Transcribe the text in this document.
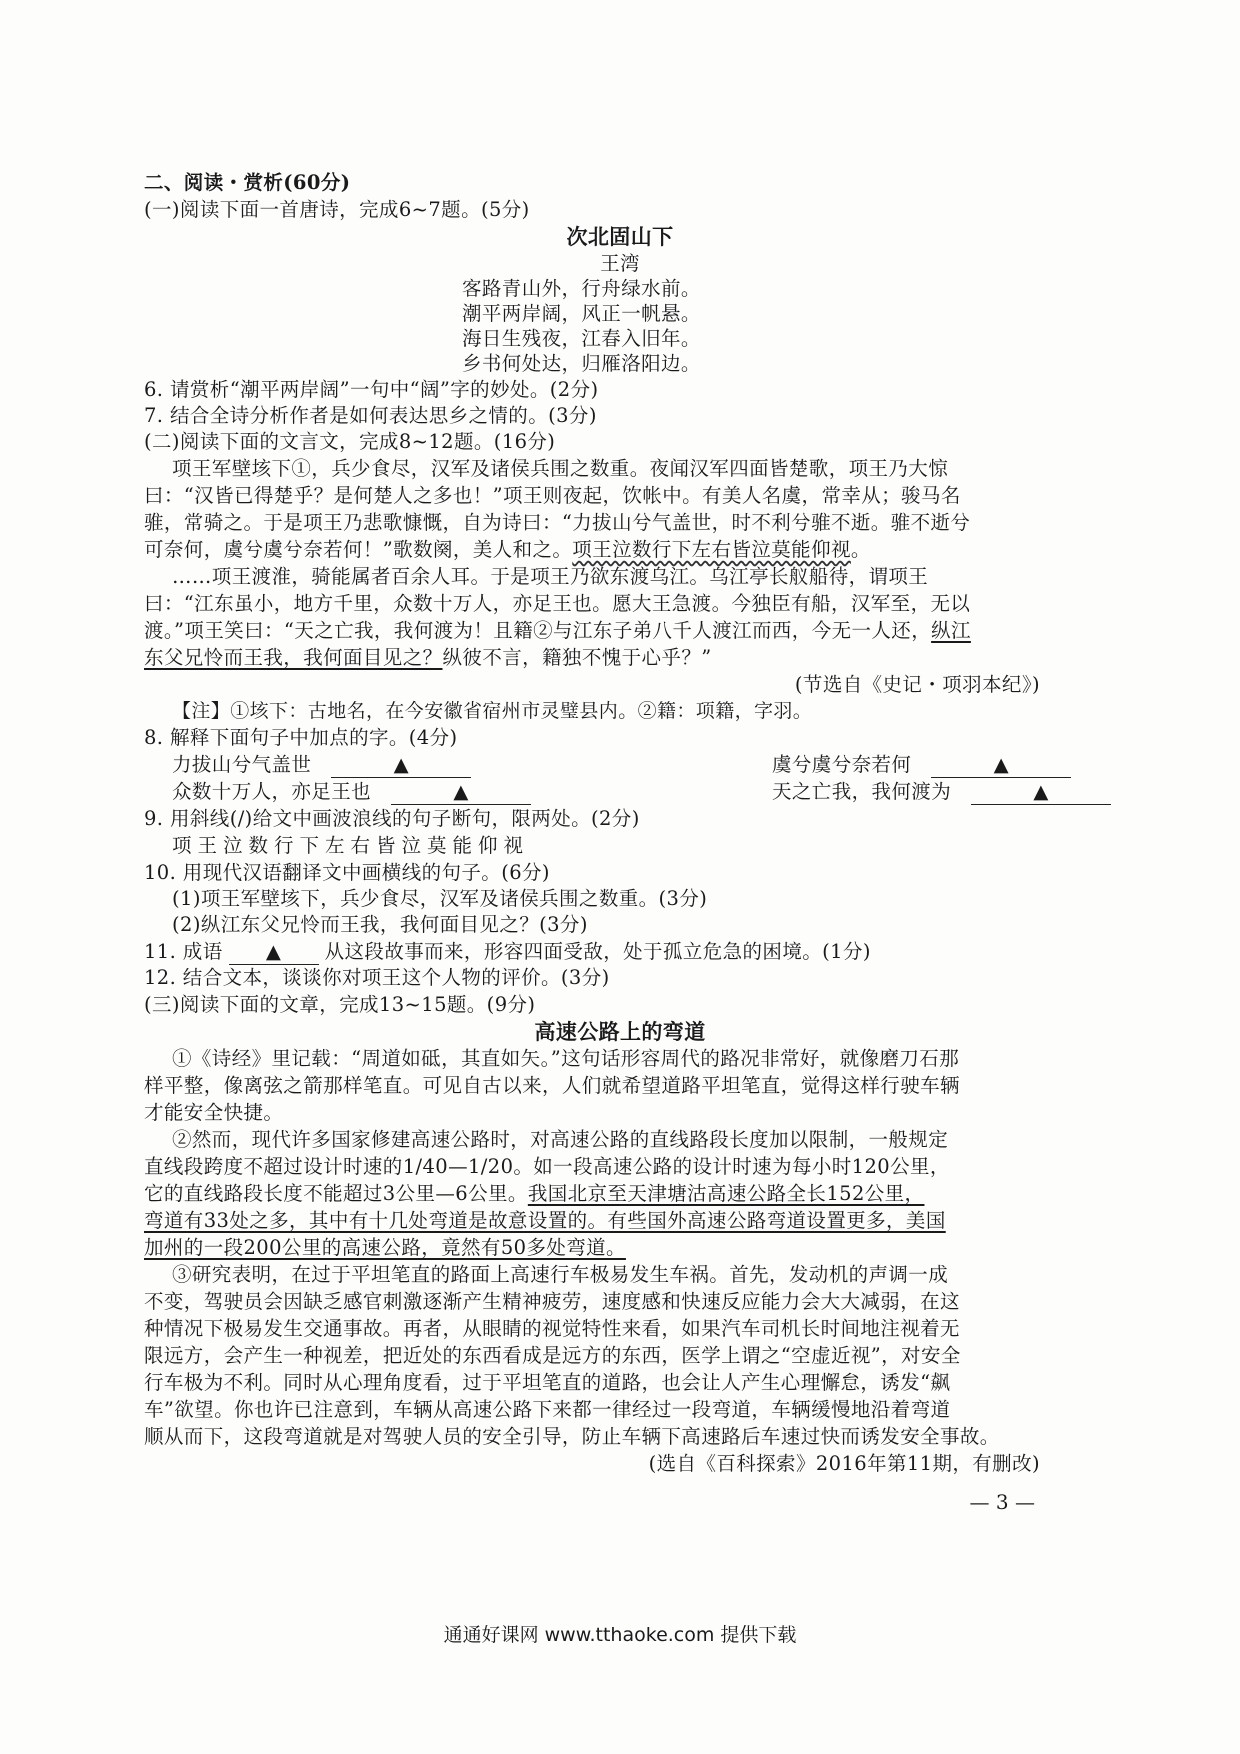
二、阅读・赏析(60分)
(一)阅读下面一首唐诗，完成6~7题。(5分)
次北固山下
王湾
客路青山外，行舟绿水前。
潮平两岸阔，风正一帆悬。
海日生残夜，江春入旧年。
乡书何处达，归雁洛阳边。
6. 请赏析“潮平两岸阔”一句中“阔”字的妙处。(2分)
7. 结合全诗分析作者是如何表达思乡之情的。(3分)
(二)阅读下面的文言文，完成8~12题。(16分)
项王军壁垓下①，兵少食尽，汉军及诸侯兵围之数重。夜闻汉军四面皆楚歌，项王乃大惊
曰：“汉皆已得楚乎？是何楚人之多也！”项王则夜起，饮帐中。有美人名虞，常幸从；骏马名
骓，常骑之。于是项王乃悲歌慷慨，自为诗曰：“力拔山兮气盖世，时不利兮骓不逝。骓不逝兮
可奈何，虞兮虞兮奈若何！”歌数阕，美人和之。项王泣数行下左右皆泣莫能仰视。
……项王渡淮，骑能属者百余人耳。于是项王乃欲东渡乌江。乌江亭长舣船待，谓项王
曰：“江东虽小，地方千里，众数十万人，亦足王也。愿大王急渡。今独臣有船，汉军至，无以
渡。”项王笑曰：“天之亡我，我何渡为！且籍②与江东子弟八千人渡江而西，今无一人还，纵江
东父兄怜而王我，我何面目见之？纵彼不言，籍独不愧于心乎？”
(节选自《史记・项羽本纪》)
【注】①垓下：古地名，在今安徽省宿州市灵璧县内。②籍：项籍，字羽。
8. 解释下面句子中加点的字。(4分)
力拔山兮气盖世	▲	虞兮虞兮奈若何	▲
众数十万人，亦足王也	▲	天之亡我，我何渡为	▲
9. 用斜线(/)给文中画波浪线的句子断句，限两处。(2分)
项王泣数行下左右皆泣莫能仰视
10. 用现代汉语翻译文中画横线的句子。(6分)
(1)项王军壁垓下，兵少食尽，汉军及诸侯兵围之数重。(3分)
(2)纵江东父兄怜而王我，我何面目见之？(3分)
11. 成语 ▲ 从这段故事而来，形容四面受敌，处于孤立危急的困境。(1分)
12. 结合文本，谈谈你对项王这个人物的评价。(3分)
(三)阅读下面的文章，完成13~15题。(9分)
高速公路上的弯道
①《诗经》里记载：“周道如砥，其直如矢。”这句话形容周代的路况非常好，就像磨刀石那
样平整，像离弦之箭那样笔直。可见自古以来，人们就希望道路平坦笔直，觉得这样行驶车辆
才能安全快捷。
②然而，现代许多国家修建高速公路时，对高速公路的直线路段长度加以限制，一般规定
直线段跨度不超过设计时速的1/40—1/20。如一段高速公路的设计时速为每小时120公里，
它的直线路段长度不能超过3公里—6公里。我国北京至天津塘沽高速公路全长152公里，
弯道有33处之多，其中有十几处弯道是故意设置的。有些国外高速公路弯道设置更多，美国
加州的一段200公里的高速公路，竟然有50多处弯道。
③研究表明，在过于平坦笔直的路面上高速行车极易发生车祸。首先，发动机的声调一成
不变，驾驶员会因缺乏感官刺激逐渐产生精神疲劳，速度感和快速反应能力会大大减弱，在这
种情况下极易发生交通事故。再者，从眼睛的视觉特性来看，如果汽车司机长时间地注视着无
限远方，会产生一种视差，把近处的东西看成是远方的东西，医学上谓之“空虚近视”，对安全
行车极为不利。同时从心理角度看，过于平坦笔直的道路，也会让人产生心理懈怠，诱发“飙
车”欲望。你也许已注意到，车辆从高速公路下来都一律经过一段弯道，车辆缓慢地沿着弯道
顺从而下，这段弯道就是对驾驶人员的安全引导，防止车辆下高速路后车速过快而诱发安全事故。
(选自《百科探索》2016年第11期，有删改)
— 3 —
通通好课网 www.tthaoke.com 提供下载
